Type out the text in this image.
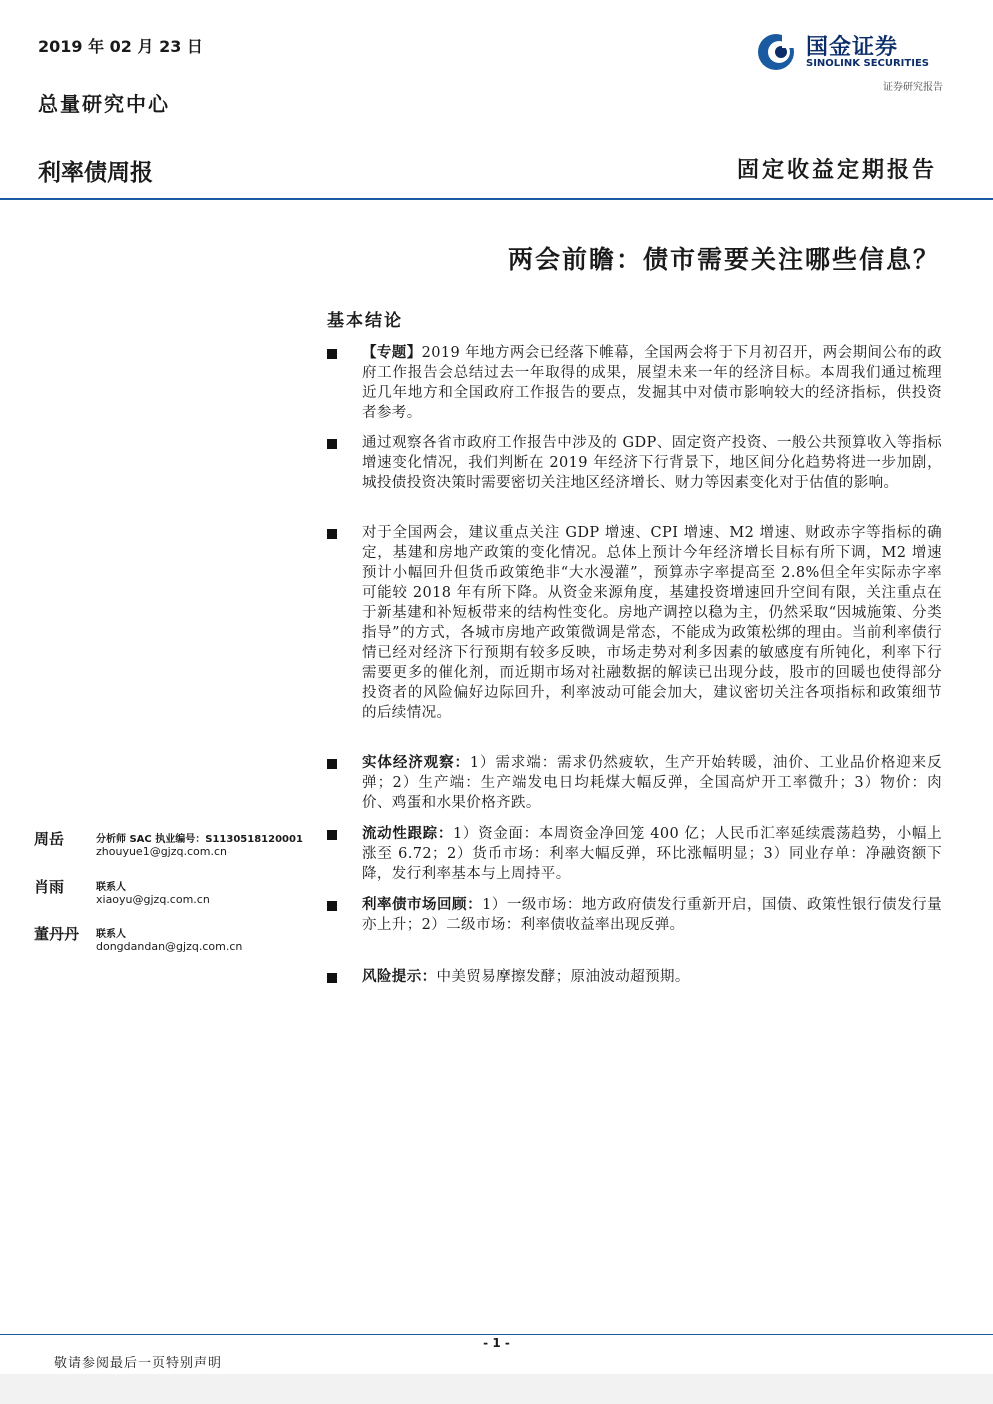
2019 年 02 月 23 日
总量研究中心
国金证券
SINOLINK SECURITIES
证券研究报告
利率债周报	固定收益定期报告
两会前瞻：债市需要关注哪些信息？
基本结论
【专题】2019 年地方两会已经落下帷幕，全国两会将于下月初召开，两会期间公布的政府工作报告会总结过去一年取得的成果，展望未来一年的经济目标。本周我们通过梳理近几年地方和全国政府工作报告的要点，发掘其中对债市影响较大的经济指标，供投资者参考。
通过观察各省市政府工作报告中涉及的 GDP、固定资产投资、一般公共预算收入等指标增速变化情况，我们判断在 2019 年经济下行背景下，地区间分化趋势将进一步加剧，城投债投资决策时需要密切关注地区经济增长、财力等因素变化对于估值的影响。
对于全国两会，建议重点关注 GDP 增速、CPI 增速、M2 增速、财政赤字等指标的确定，基建和房地产政策的变化情况。总体上预计今年经济增长目标有所下调，M2 增速预计小幅回升但货币政策绝非“大水漫灌”，预算赤字率提高至 2.8%但全年实际赤字率可能较 2018 年有所下降。从资金来源角度，基建投资增速回升空间有限，关注重点在于新基建和补短板带来的结构性变化。房地产调控以稳为主，仍然采取“因城施策、分类指导”的方式，各城市房地产政策微调是常态，不能成为政策松绑的理由。当前利率债行情已经对经济下行预期有较多反映，市场走势对利多因素的敏感度有所钝化，利率下行需要更多的催化剂，而近期市场对社融数据的解读已出现分歧，股市的回暖也使得部分投资者的风险偏好边际回升，利率波动可能会加大，建议密切关注各项指标和政策细节的后续情况。
实体经济观察：1）需求端：需求仍然疲软，生产开始转暖，油价、工业品价格迎来反弹；2）生产端：生产端发电日均耗煤大幅反弹，全国高炉开工率微升；3）物价：肉价、鸡蛋和水果价格齐跌。
流动性跟踪：1）资金面：本周资金净回笼 400 亿；人民币汇率延续震荡趋势，小幅上涨至 6.72；2）货币市场：利率大幅反弹，环比涨幅明显；3）同业存单：净融资额下降，发行利率基本与上周持平。
利率债市场回顾：1）一级市场：地方政府债发行重新开启，国债、政策性银行债发行量亦上升；2）二级市场：利率债收益率出现反弹。
风险提示：中美贸易摩擦发酵；原油波动超预期。
周岳	分析师 SAC 执业编号：S1130518120001
zhouyue1@gjzq.com.cn
肖雨	联系人
xiaoyu@gjzq.com.cn
董丹丹 联系人
dongdandan@gjzq.com.cn
- 1 -
敬请参阅最后一页特别声明
